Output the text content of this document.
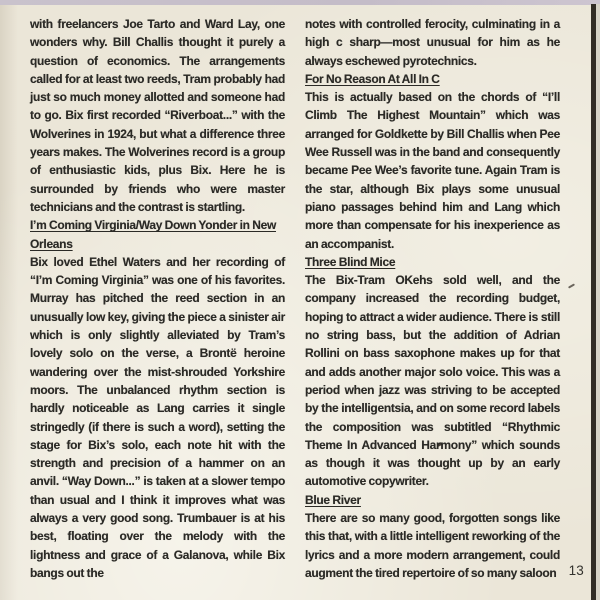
with freelancers Joe Tarto and Ward Lay, one wonders why. Bill Challis thought it purely a question of economics. The arrangements called for at least two reeds, Tram probably had just so much money allotted and someone had to go. Bix first recorded “Riverboat...” with the Wolverines in 1924, but what a difference three years makes. The Wolverines record is a group of enthusiastic kids, plus Bix. Here he is surrounded by friends who were master technicians and the contrast is startling.

I’m Coming Virginia/Way Down Yonder in New Orleans

Bix loved Ethel Waters and her recording of “I’m Coming Virginia” was one of his favorites. Murray has pitched the reed section in an unusually low key, giving the piece a sinister air which is only slightly alleviated by Tram’s lovely solo on the verse, a Brontë heroine wandering over the mist-shrouded Yorkshire moors. The unbalanced rhythm section is hardly noticeable as Lang carries it single stringedly (if there is such a word), setting the stage for Bix’s solo, each note hit with the strength and precision of a hammer on an anvil. “Way Down...” is taken at a slower tempo than usual and I think it improves what was always a very good song. Trumbauer is at his best, floating over the melody with the lightness and grace of a Galanova, while Bix bangs out the

notes with controlled ferocity, culminating in a high c sharp—most unusual for him as he always eschewed pyrotechnics.

For No Reason At All In C

This is actually based on the chords of “I’ll Climb The Highest Mountain” which was arranged for Goldkette by Bill Challis when Pee Wee Russell was in the band and consequently became Pee Wee’s favorite tune. Again Tram is the star, although Bix plays some unusual piano passages behind him and Lang which more than compensate for his inexperience as an accompanist.

Three Blind Mice

The Bix-Tram OKehs sold well, and the company increased the recording budget, hoping to attract a wider audience. There is still no string bass, but the addition of Adrian Rollini on bass saxophone makes up for that and adds another major solo voice. This was a period when jazz was striving to be accepted by the intelligentsia, and on some record labels the composition was subtitled “Rhythmic Theme In Advanced Harmony” which sounds as though it was thought up by an early automotive copywriter.

Blue River

There are so many good, forgotten songs like this that, with a little intelligent reworking of the lyrics and a more modern arrangement, could augment the tired repertoire of so many saloon 13
